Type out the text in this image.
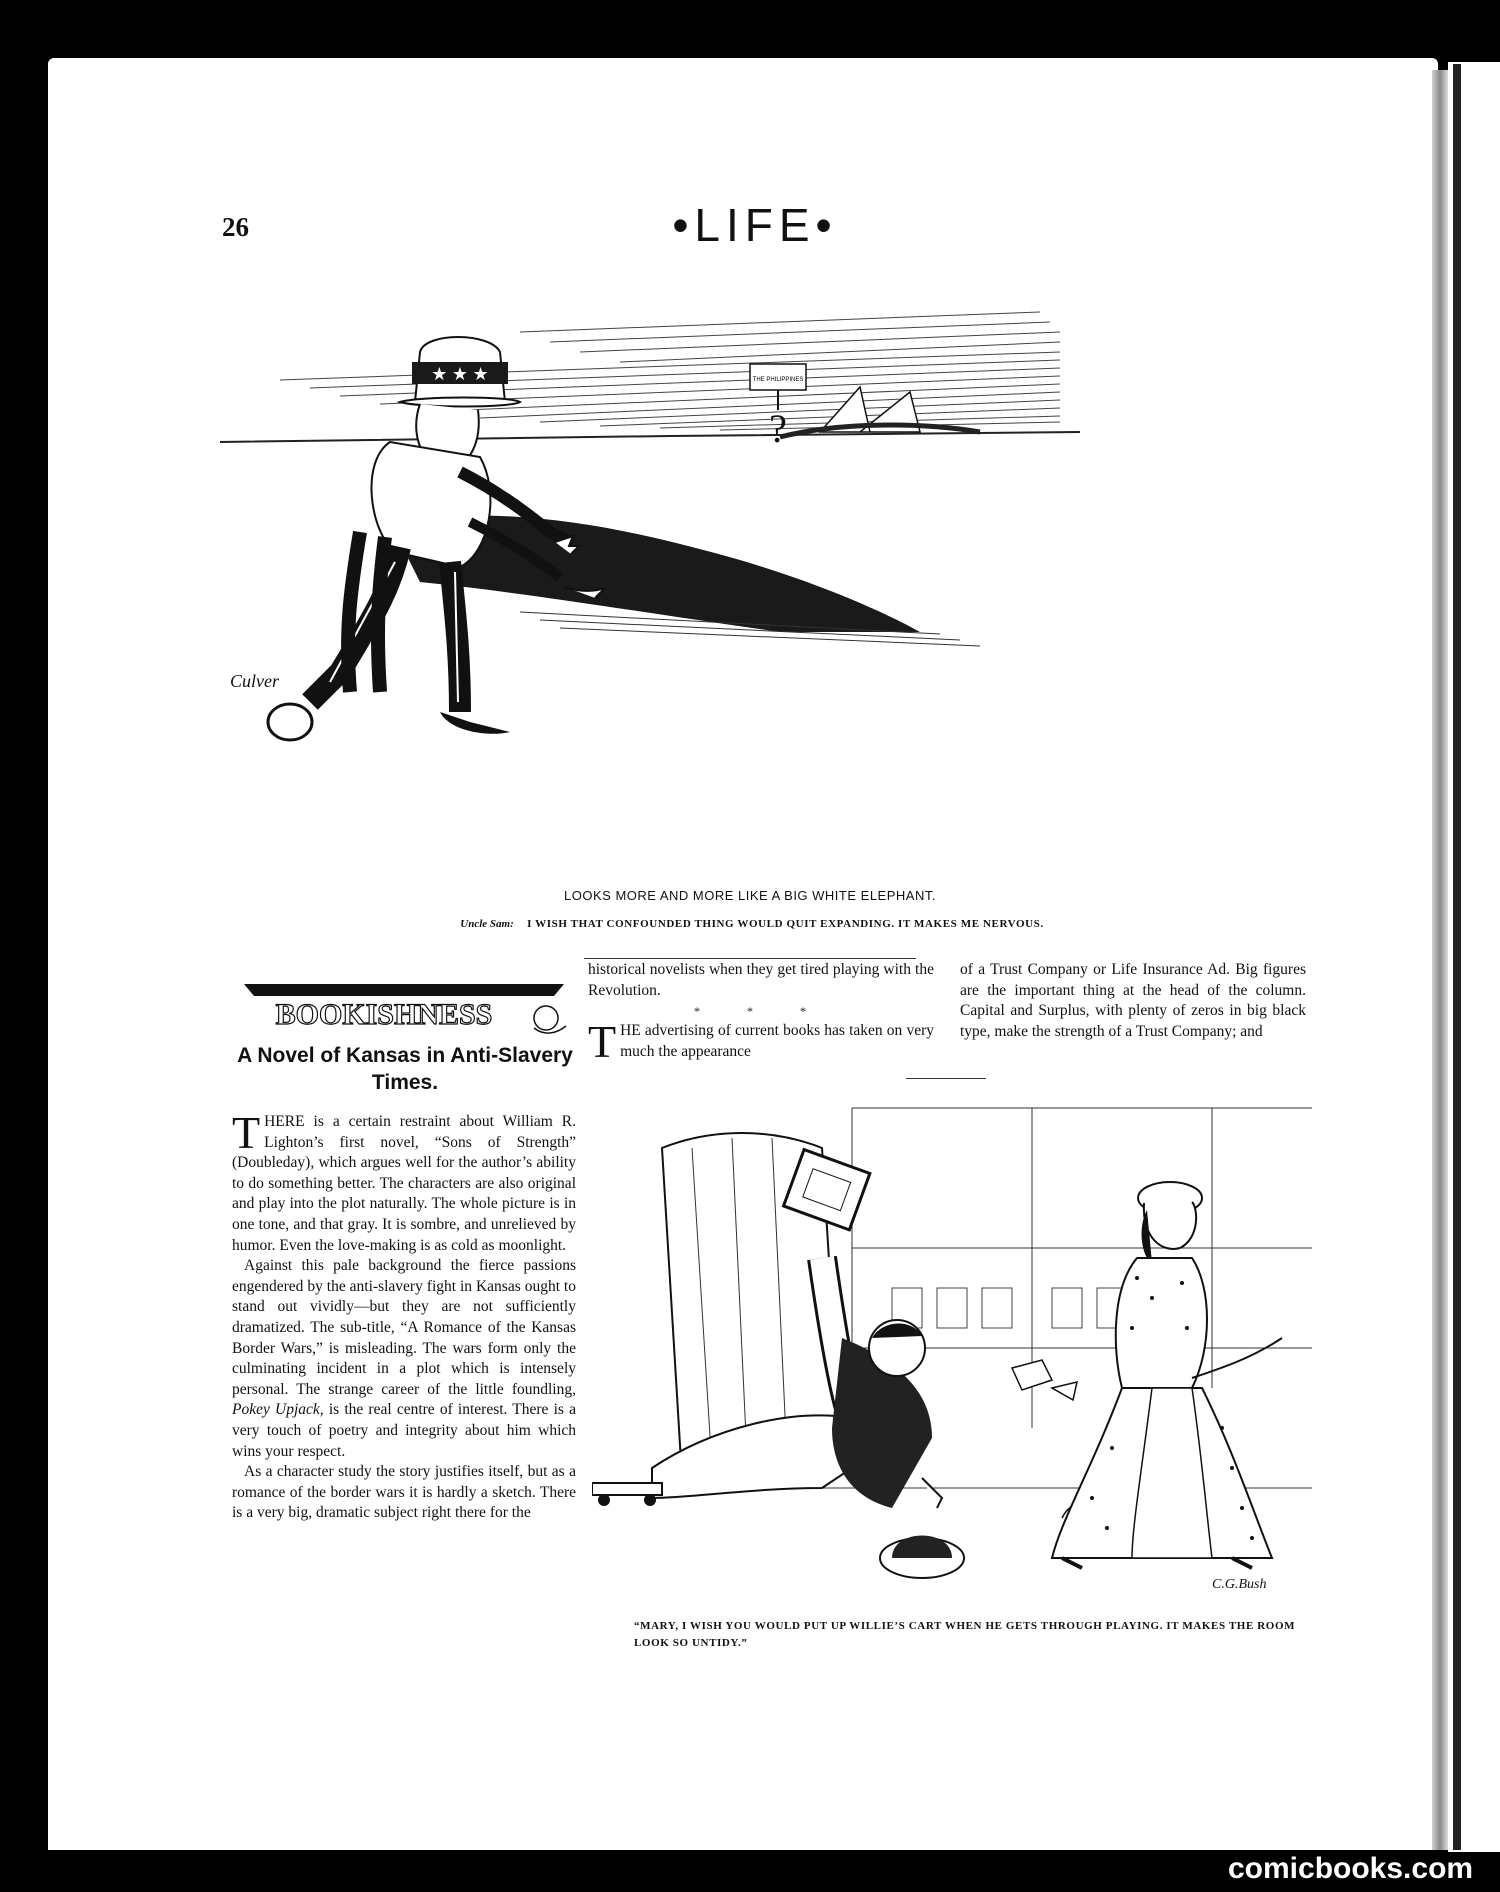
26	•LIFE•
THE PHILIPPINES
?
★ ★ ★
Culver
LOOKS MORE AND MORE LIKE A BIG WHITE ELEPHANT.
Uncle Sam: I WISH THAT CONFOUNDED THING WOULD QUIT EXPANDING. IT MAKES ME NERVOUS.
BOOKISHNESS
A Novel of Kansas in Anti-Slavery Times.

THERE is a certain restraint about William R. Lighton’s first novel, “Sons of Strength” (Doubleday), which argues well for the author’s ability to do something better. The characters are also original and play into the plot naturally. The whole picture is in one tone, and that gray. It is sombre, and unrelieved by humor. Even the love-making is as cold as moonlight.

Against this pale background the fierce passions engendered by the anti-slavery fight in Kansas ought to stand out vividly—but they are not sufficiently dramatized. The sub-title, “A Romance of the Kansas Border Wars,” is misleading. The wars form only the culminating incident in a plot which is intensely personal. The strange career of the little foundling, Pokey Upjack, is the real centre of interest. There is a very touch of poetry and integrity about him which wins your respect.

As a character study the story justifies itself, but as a romance of the border wars it is hardly a sketch. There is a very big, dramatic subject right there for the

historical novelists when they get tired playing with the Revolution.

* * *

THE advertising of current books has taken on very much the appearance

of a Trust Company or Life Insurance Ad. Big figures are the important thing at the head of the column. Capital and Surplus, with plenty of zeros in big black type, make the strength of a Trust Company; and

C.G.Bush
“MARY, I WISH YOU WOULD PUT UP WILLIE’S CART WHEN HE GETS THROUGH PLAYING. IT MAKES THE ROOM LOOK SO UNTIDY.”
comicbooks.com
